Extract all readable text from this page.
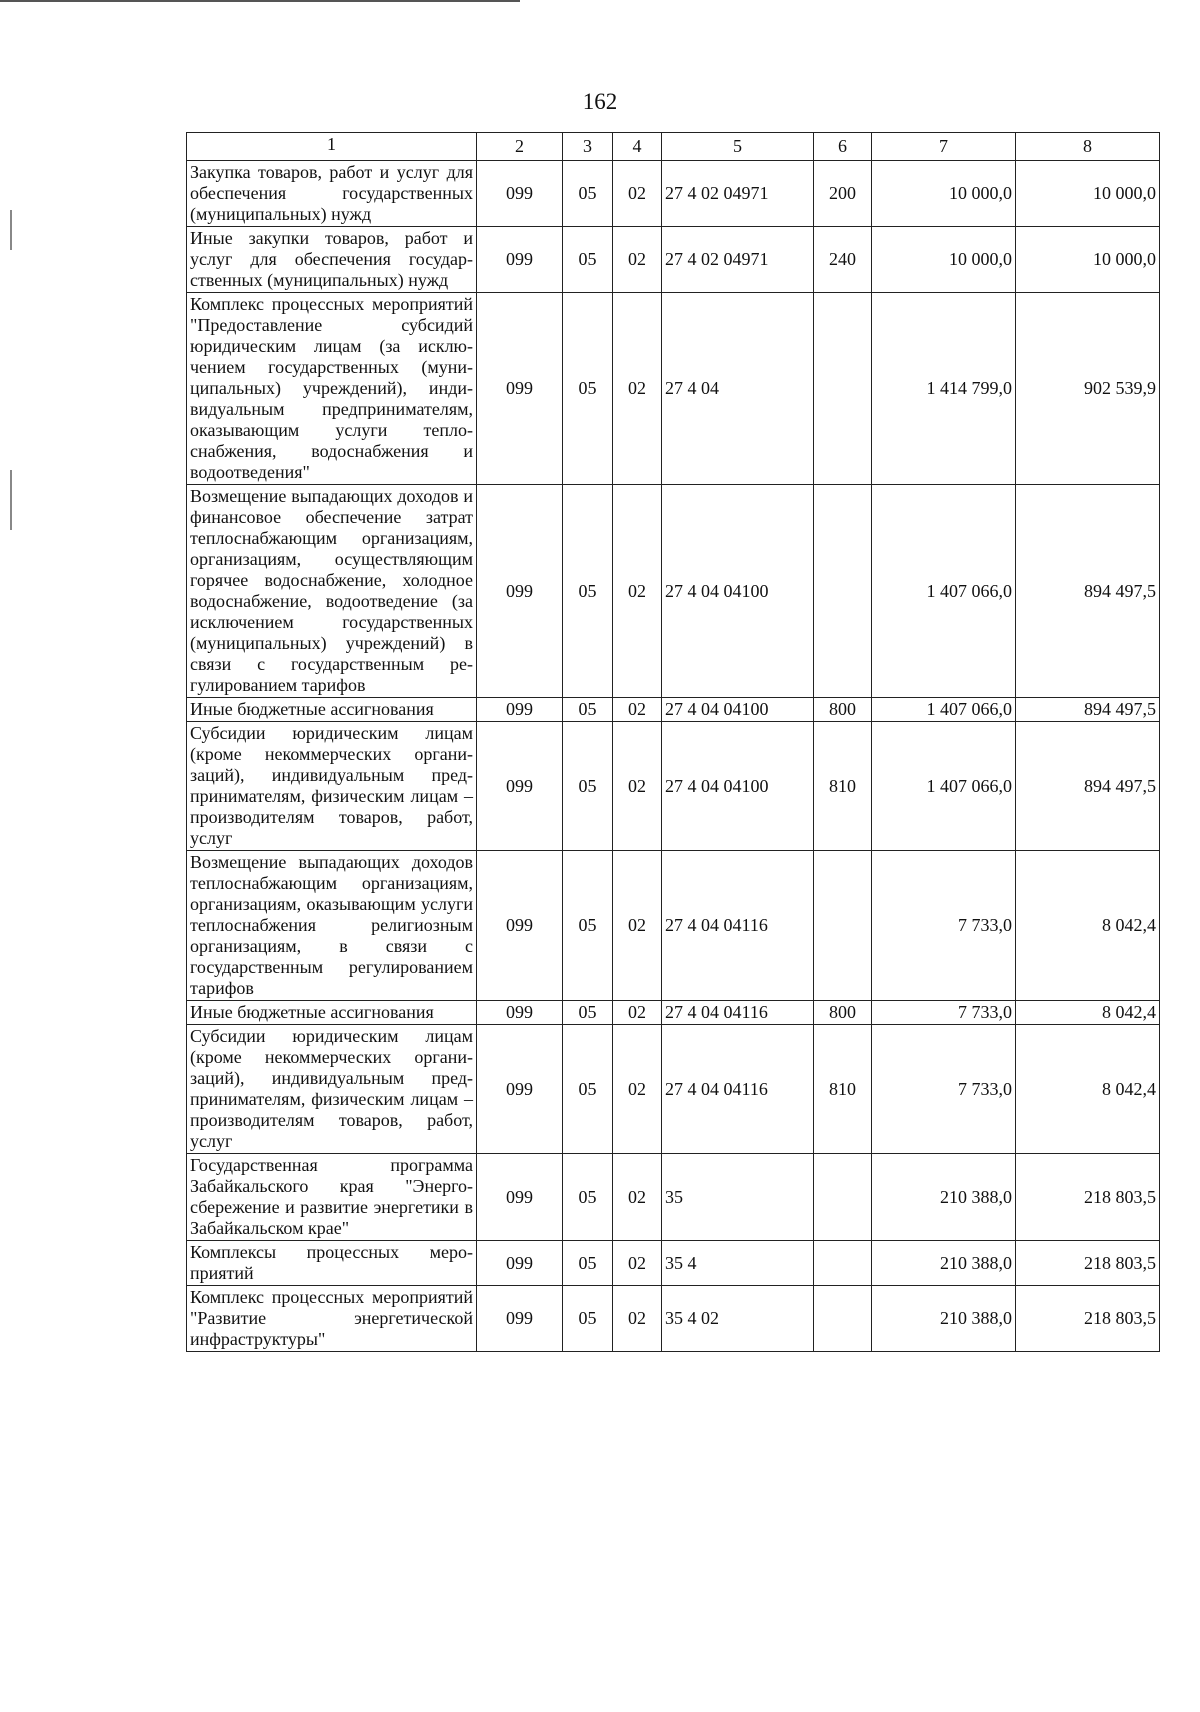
162
1	2	3	4	5	6	7	8
Закупка товаров, работ и услуг для обеспечения государственных (муниципальных) нужд	099	05	02	27 4 02 04971	200	10 000,0	10 000,0
Иные закупки товаров, работ и услуг для обеспечения государственных (муниципальных) нужд	099	05	02	27 4 02 04971	240	10 000,0	10 000,0
Комплекс процессных мероприятий "Предоставление субсидий юридическим лицам (за исключением государственных (муниципальных) учреждений), индивидуальным предпринимателям, оказывающим услуги теплоснабжения, водоснабжения и водоотведения"	099	05	02	27 4 04		1 414 799,0	902 539,9
Возмещение выпадающих доходов и финансовое обеспечение затрат теплоснабжающим организациям, организациям, осуществляющим горячее водоснабжение, холодное водоснабжение, водоотведение (за исключением государственных (муниципальных) учреждений) в связи с государственным регулированием тарифов	099	05	02	27 4 04 04100		1 407 066,0	894 497,5
Иные бюджетные ассигнования	099	05	02	27 4 04 04100	800	1 407 066,0	894 497,5
Субсидии юридическим лицам (кроме некоммерческих организаций), индивидуальным предпринимателям, физическим лицам – производителям товаров, работ, услуг	099	05	02	27 4 04 04100	810	1 407 066,0	894 497,5
Возмещение выпадающих доходов теплоснабжающим организациям, организациям, оказывающим услуги теплоснабжения религиозным организациям, в связи с государственным регулированием тарифов	099	05	02	27 4 04 04116		7 733,0	8 042,4
Иные бюджетные ассигнования	099	05	02	27 4 04 04116	800	7 733,0	8 042,4
Субсидии юридическим лицам (кроме некоммерческих организаций), индивидуальным предпринимателям, физическим лицам – производителям товаров, работ, услуг	099	05	02	27 4 04 04116	810	7 733,0	8 042,4
Государственная программа Забайкальского края "Энергосбережение и развитие энергетики в Забайкальском крае"	099	05	02	35		210 388,0	218 803,5
Комплексы процессных мероприятий	099	05	02	35 4		210 388,0	218 803,5
Комплекс процессных мероприятий "Развитие энергетической инфраструктуры"	099	05	02	35 4 02		210 388,0	218 803,5
